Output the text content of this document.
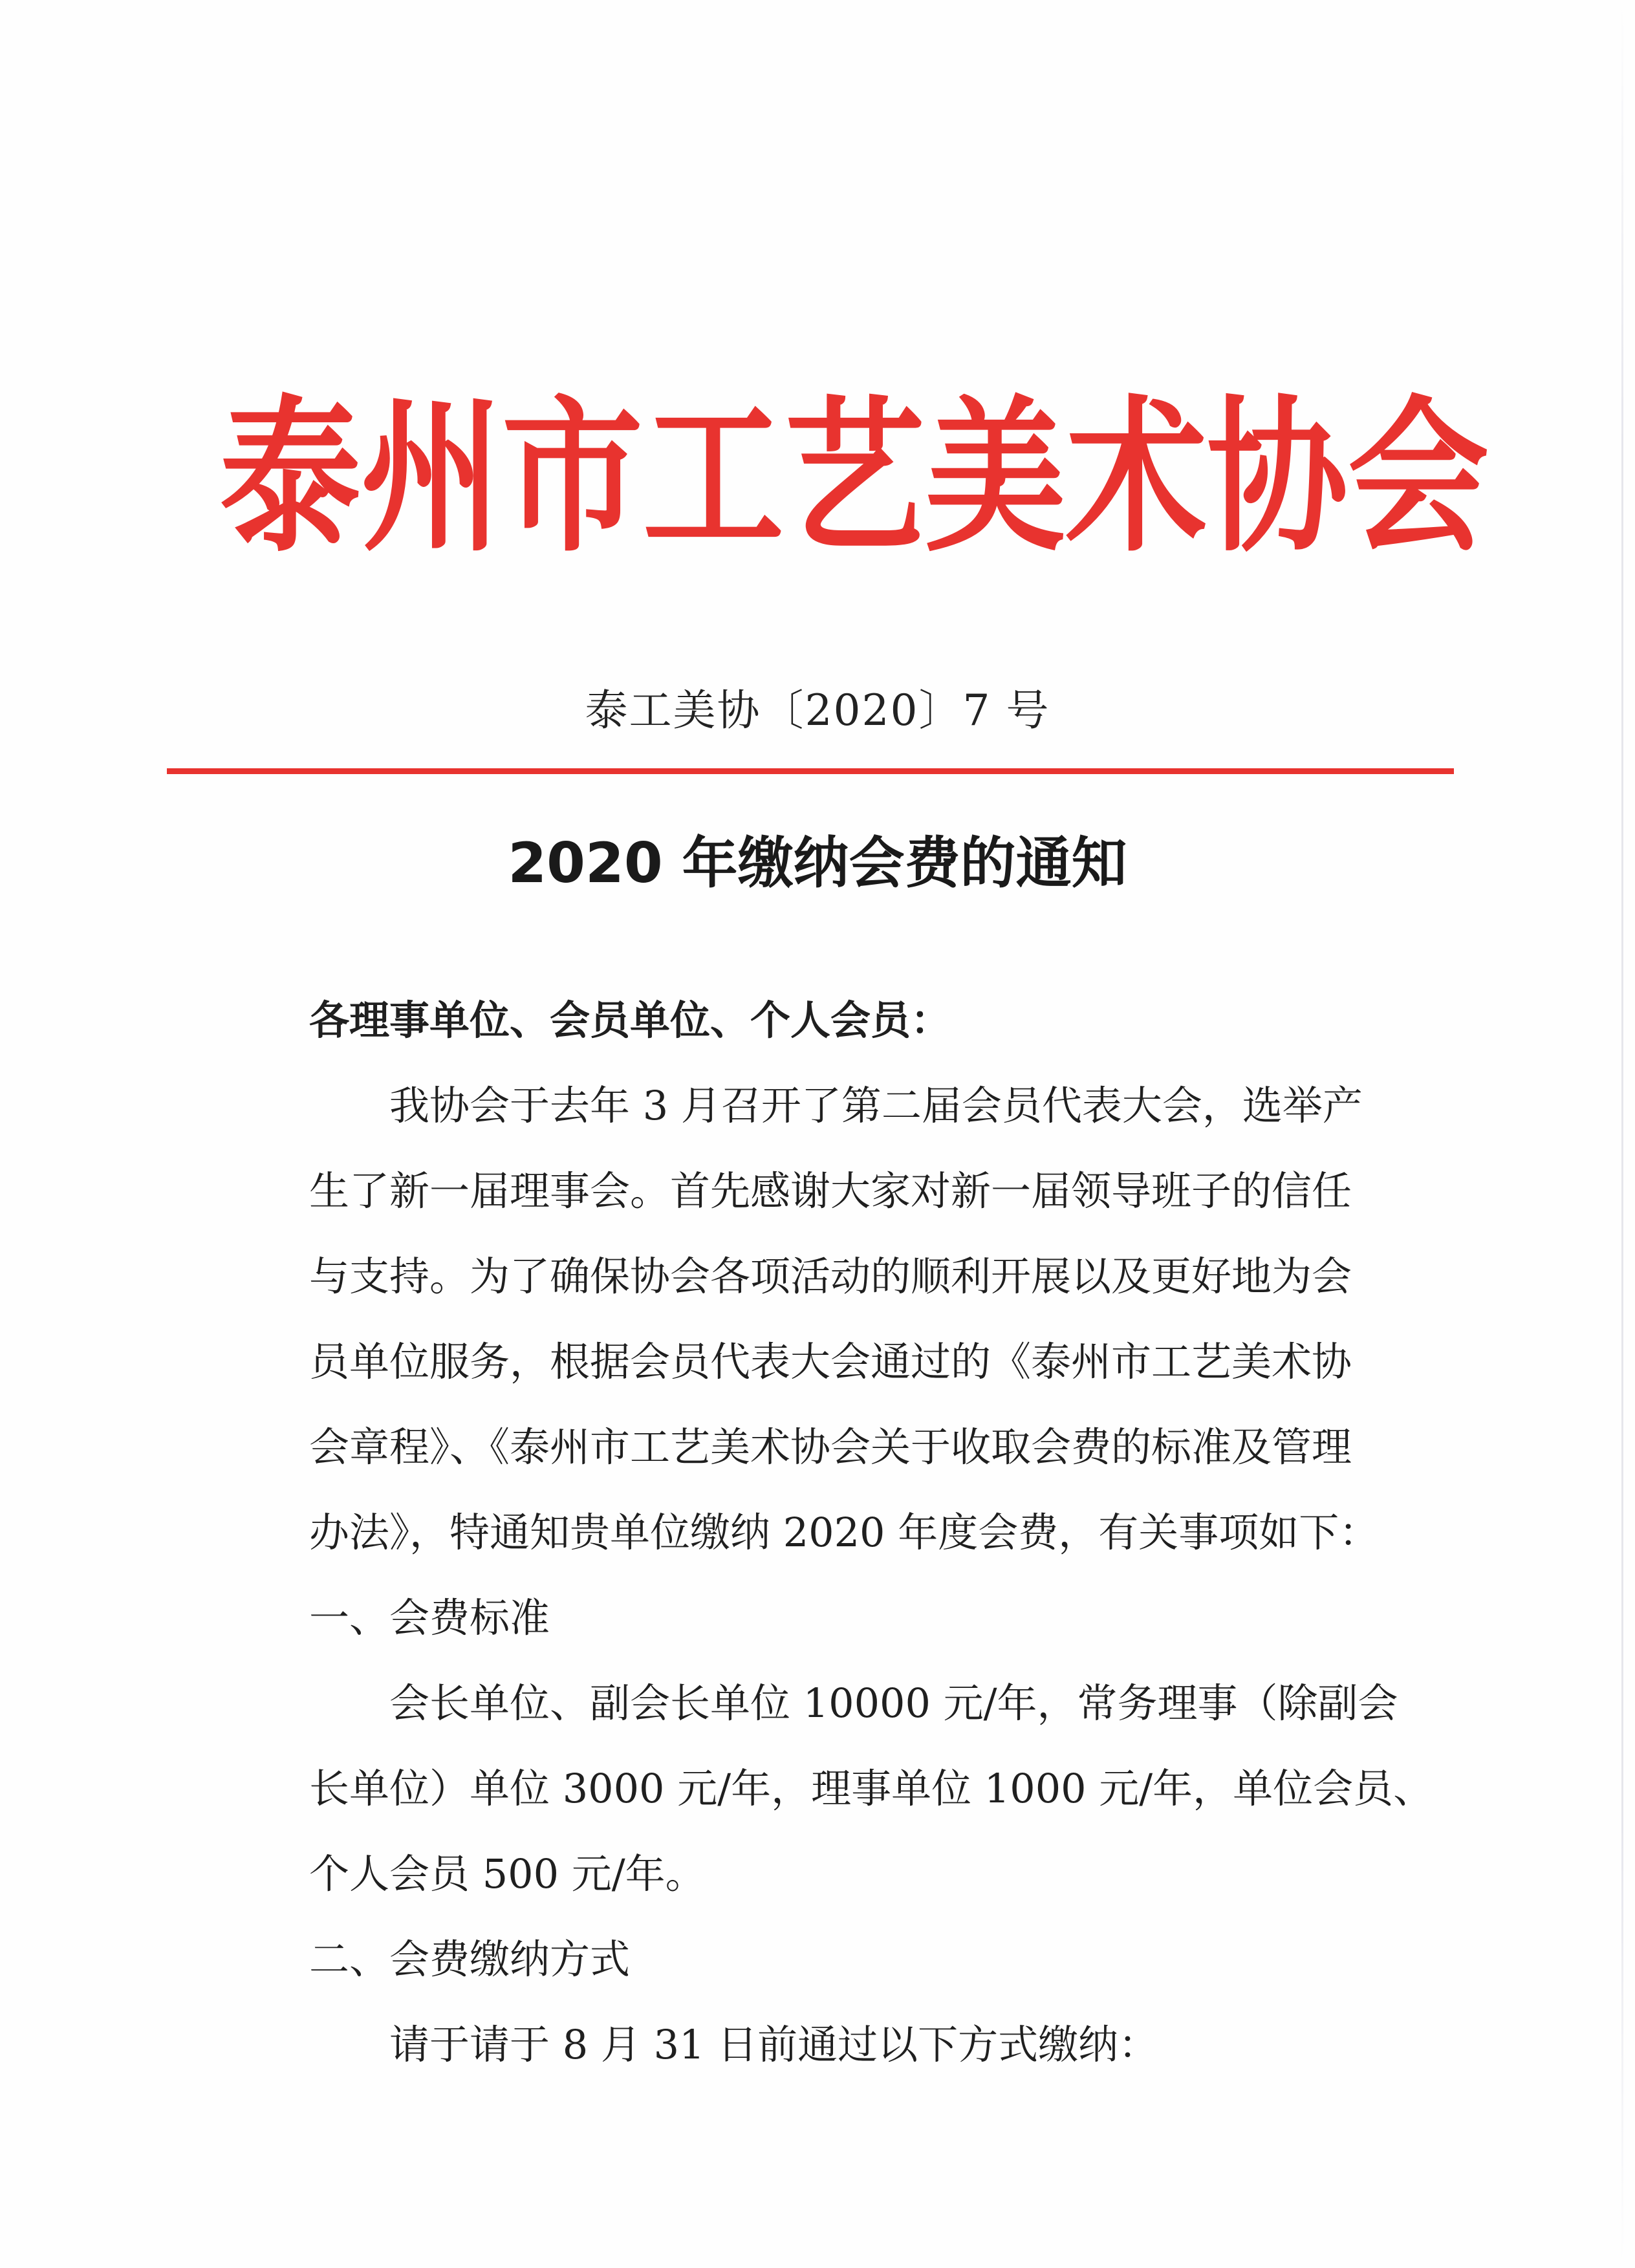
泰 州 市 工 艺 美 术 协 会
泰工美协〔2020〕7 号
2020 年缴纳会费的通知
各理事单位、会员单位、个人会员：
我协会于去年 3 月召开了第二届会员代表大会，选举产
生了新一届理事会。首先感谢大家对新一届领导班子的信任
与支持。为了确保协会各项活动的顺利开展以及更好地为会
员单位服务，根据会员代表大会通过的《泰州市工艺美术协
会章程》、《泰州市工艺美术协会关于收取会费的标准及管理
办法》，特通知贵单位缴纳 2020 年度会费，有关事项如下：
一、会费标准
会长单位、副会长单位 10000 元/年，常务理事（除副会
长单位）单位 3000 元/年，理事单位 1000 元/年，单位会员、
个人会员 500 元/年。
二、会费缴纳方式
请于请于 8 月 31 日前通过以下方式缴纳：
